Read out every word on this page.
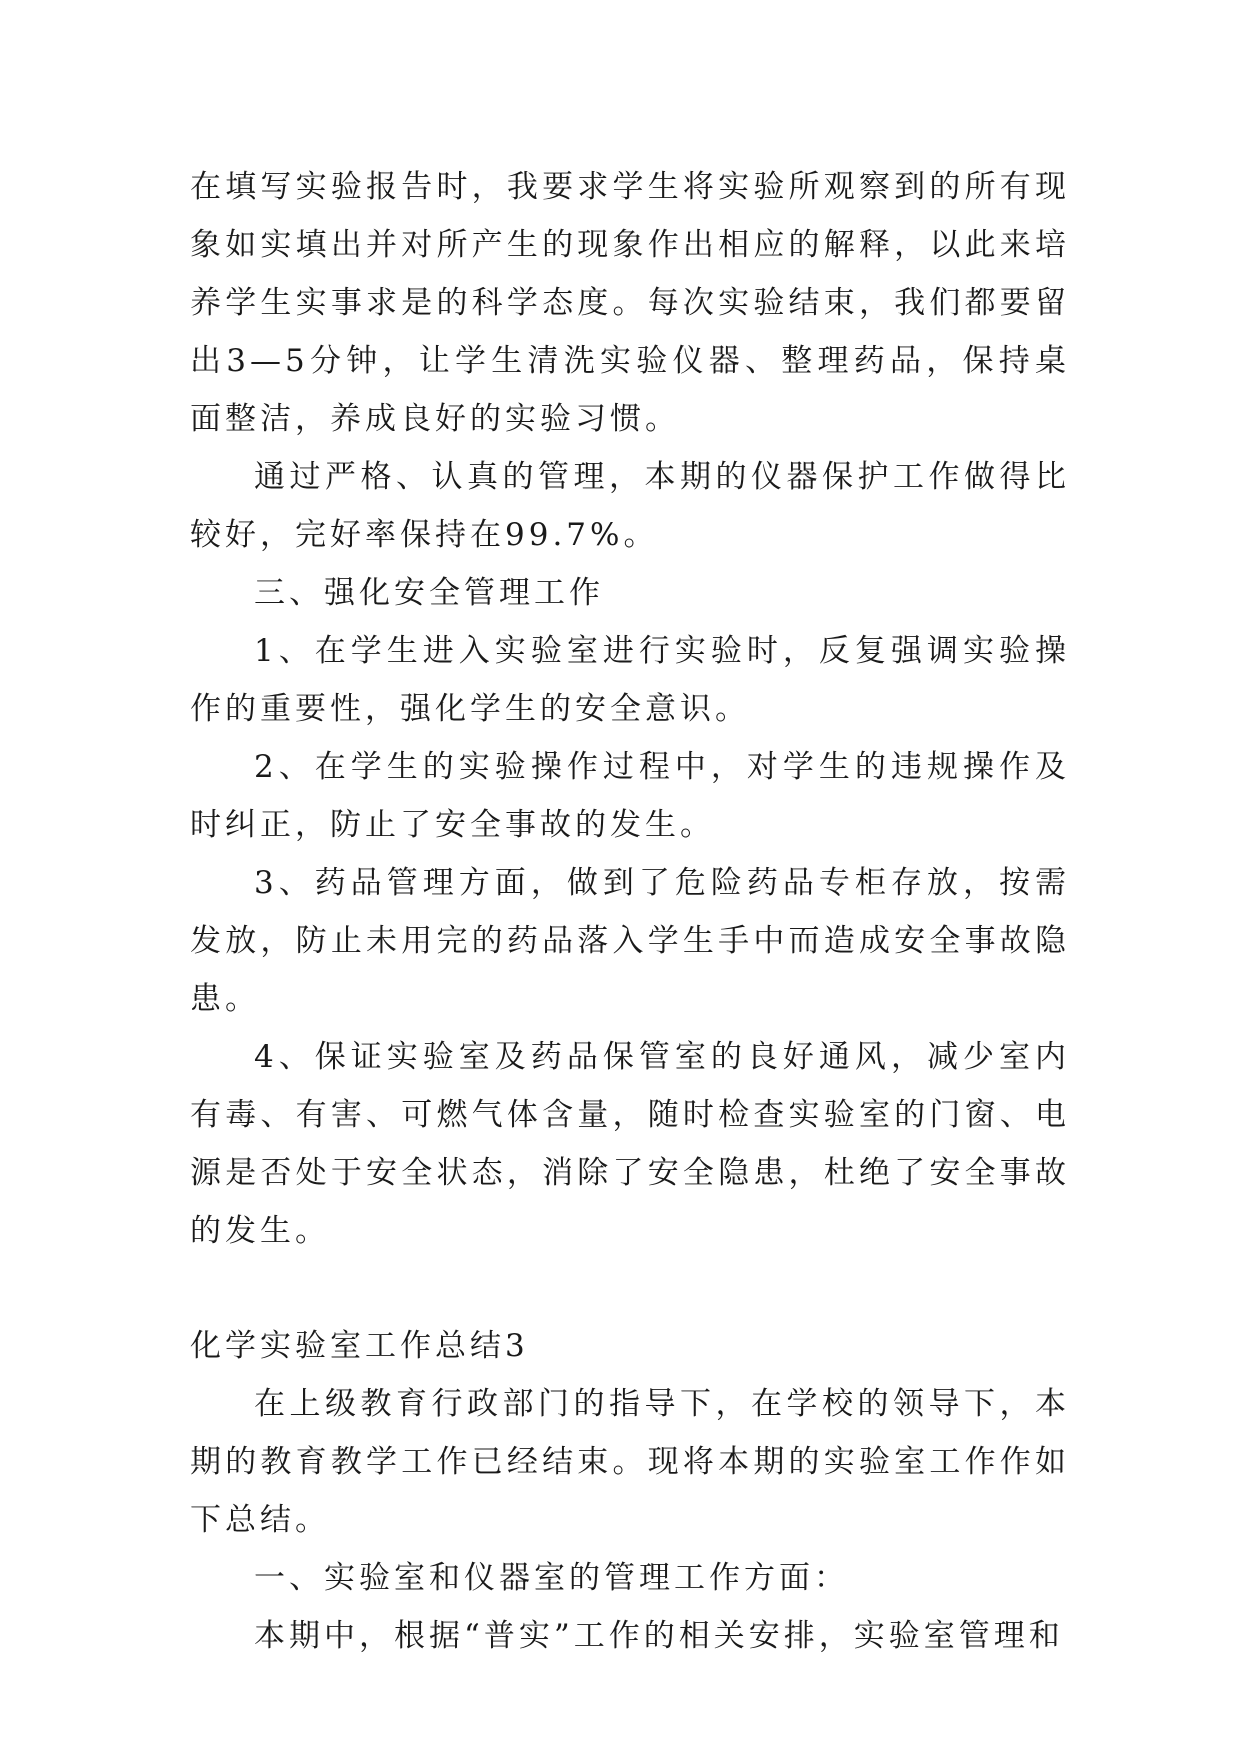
在填写实验报告时，我要求学生将实验所观察到的所有现象如实填出并对所产生的现象作出相应的解释，以此来培养学生实事求是的科学态度。每次实验结束，我们都要留出3—5分钟，让学生清洗实验仪器、整理药品，保持桌面整洁，养成良好的实验习惯。

通过严格、认真的管理，本期的仪器保护工作做得比较好，完好率保持在99.7%。

三、强化安全管理工作

1、在学生进入实验室进行实验时，反复强调实验操作的重要性，强化学生的安全意识。

2、在学生的实验操作过程中，对学生的违规操作及时纠正，防止了安全事故的发生。

3、药品管理方面，做到了危险药品专柜存放，按需发放，防止未用完的药品落入学生手中而造成安全事故隐患。

4、保证实验室及药品保管室的良好通风，减少室内有毒、有害、可燃气体含量，随时检查实验室的门窗、电源是否处于安全状态，消除了安全隐患，杜绝了安全事故的发生。

化学实验室工作总结3

在上级教育行政部门的指导下，在学校的领导下，本期的教育教学工作已经结束。现将本期的实验室工作作如下总结。

一、实验室和仪器室的管理工作方面：

本期中，根据“普实”工作的相关安排，实验室管理和
